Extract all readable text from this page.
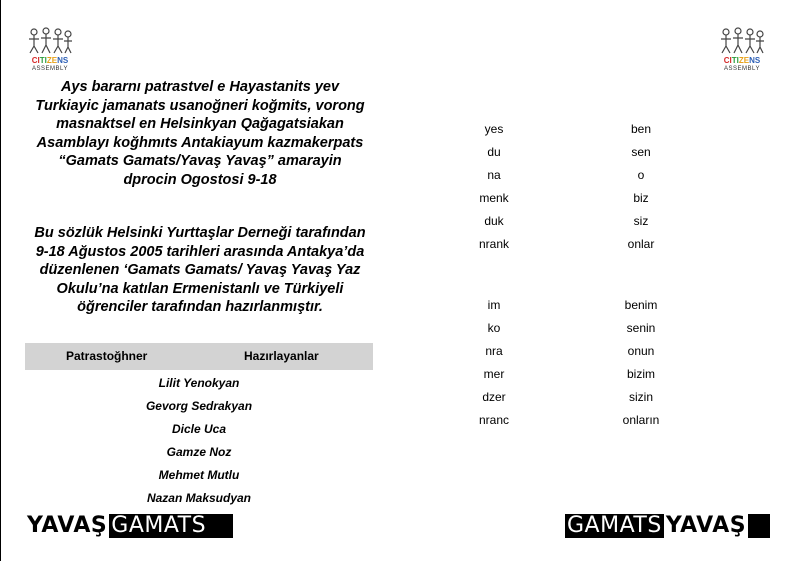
CITIZENS
ASSEMBLY
CITIZENS
ASSEMBLY

Ays bararnı patrastvel e Hayastanits yev Turkiayic jamanats usanoğneri koğmits, vorong masnaktsel en Helsinkyan Qağagatsiakan Asamblayı koğhmıts Antakiayum kazmakerpats “Gamats Gamats/Yavaş Yavaş” amarayin dprocin Ogostosi 9-18

Bu sözlük Helsinki Yurttaşlar Derneği tarafından 9-18 Ağustos 2005 tarihleri arasında Antakya’da düzenlenen ‘Gamats Gamats/ Yavaş Yavaş Yaz Okulu’na katılan Ermenistanlı ve Türkiyeli öğrenciler tarafından hazırlanmıştır.

Patrastoğhner	Hazırlayanlar
Lilit Yenokyan
Gevorg Sedrakyan
Dicle Uca
Gamze Noz
Mehmet Mutlu
Nazan Maksudyan
yes	ben
du	sen
na	o
menk	biz
duk	siz
nrank	onlar
im	benim
ko	senin
nra	onun
mer	bizim
dzer	sizin
nranc	onların
YAVAŞ GAMATS	GAMATS YAVAŞ
